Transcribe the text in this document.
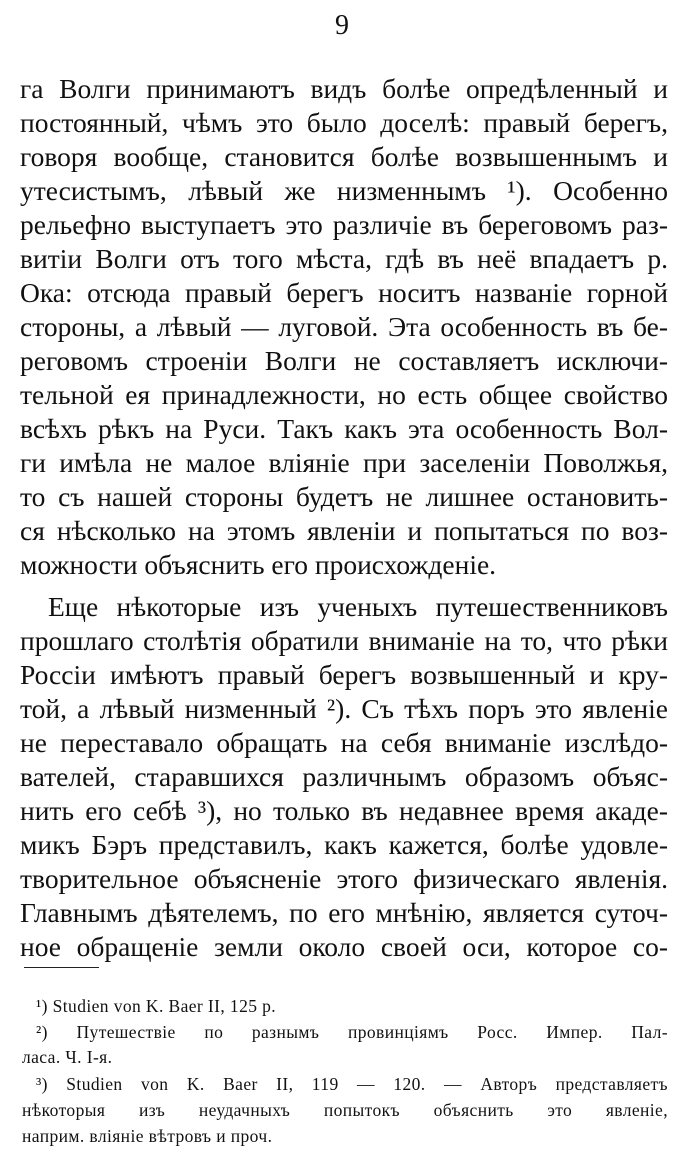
9
га Волги принимаютъ видъ болѣе опредѣленный и
постоянный, чѣмъ это было доселѣ: правый берегъ,
говоря вообще, становится болѣе возвышеннымъ и
утесистымъ, лѣвый же низменнымъ ¹). Особенно
рельефно выступаетъ это различіе въ береговомъ раз-
витіи Волги отъ того мѣста, гдѣ въ неё впадаетъ р.
Ока: отсюда правый берегъ носитъ названіе горной
стороны, а лѣвый — луговой. Эта особенность въ бе-
реговомъ строеніи Волги не составляетъ исключи-
тельной ея принадлежности, но есть общее свойство
всѣхъ рѣкъ на Руси. Такъ какъ эта особенность Вол-
ги имѣла не малое вліяніе при заселеніи Поволжья,
то съ нашей стороны будетъ не лишнее остановить-
ся нѣсколько на этомъ явленіи и попытаться по воз-
можности объяснить его происхожденіе.
Еще нѣкоторые изъ ученыхъ путешественниковъ
прошлаго столѣтія обратили вниманіе на то, что рѣки
Россіи имѣютъ правый берегъ возвышенный и кру-
той, а лѣвый низменный ²). Съ тѣхъ поръ это явленіе
не переставало обращать на себя вниманіе изслѣдо-
вателей, старавшихся различнымъ образомъ объяс-
нить его себѣ ³), но только въ недавнее время акаде-
микъ Бэръ представилъ, какъ кажется, болѣе удовле-
творительное объясненіе этого физическаго явленія.
Главнымъ дѣятелемъ, по его мнѣнію, является суточ-
ное обращеніе земли около своей оси, которое со-
¹) Studien von K. Baer II, 125 p.
²) Путешествіе по разнымъ провинціямъ Росс. Импер. Пал-
ласа. Ч. I-я.
³) Studien von K. Baer II, 119 — 120. — Авторъ представляетъ
нѣкоторыя изъ неудачныхъ попытокъ объяснить это явленіе,
наприм. вліяніе вѣтровъ и проч.
